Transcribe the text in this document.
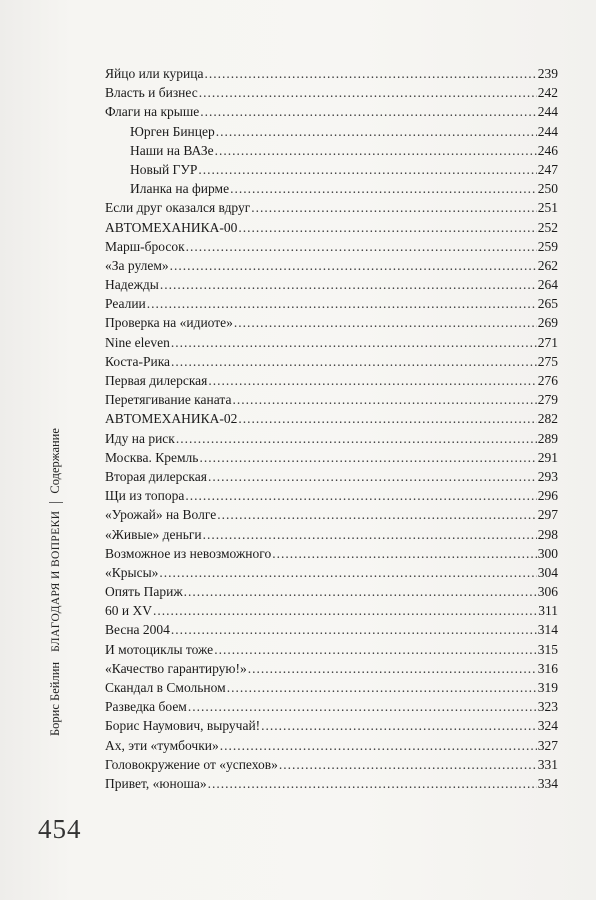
Яйцо или курица .....	239
Власть и бизнес .....	242
Флаги на крыше .....	244
Юрген Бинцер .....	244
Наши на ВАЗе .....	246
Новый ГУР .....	247
Иланка на фирме .....	250
Если друг оказался вдруг .....	251
АВТОМЕХАНИКА-00 .....	252
Марш-бросок .....	259
«За рулем» .....	262
Надежды .....	264
Реалии .....	265
Проверка на «идиоте» .....	269
Nine eleven .....	271
Коста-Рика .....	275
Первая дилерская .....	276
Перетягивание каната .....	279
АВТОМЕХАНИКА-02 .....	282
Иду на риск .....	289
Москва. Кремль .....	291
Вторая дилерская .....	293
Щи из топора .....	296
«Урожай» на Волге .....	297
«Живые» деньги .....	298
Возможное из невозможного .....	300
«Крысы» .....	304
Опять Париж .....	306
60 и XV .....	311
Весна 2004 .....	314
И мотоциклы тоже .....	315
«Качество гарантирую!» .....	316
Скандал в Смольном .....	319
Разведка боем .....	323
Борис Наумович, выручай! .....	324
Ах, эти «тумбочки» .....	327
Головокружение от «успехов» .....	331
Привет, «юноша» .....	334
Борис Бейлин
БЛАГОДАРЯ И ВОПРЕКИ
Содержание
454
